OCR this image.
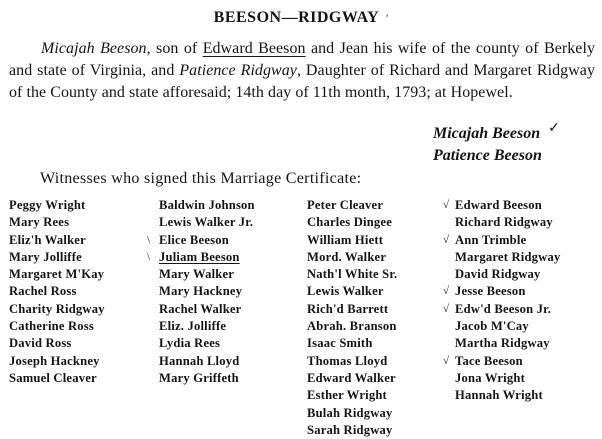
BEESON—RIDGWAY ′
Micajah Beeson, son of Edward Beeson and Jean his wife of the county of Berkely and state of Virginia, and Patience Ridgway, Daughter of Richard and Margaret Ridgway of the County and state afforesaid; 14th day of 11th month, 1793; at Hopewel.
Micajah Beeson ✓
Patience Beeson
Witnesses who signed this Marriage Certificate:
Peggy Wright
Mary Rees
Eliz'h Walker
Mary Jolliffe
Margaret M'Kay
Rachel Ross
Charity Ridgway
Catherine Ross
David Ross
Joseph Hackney
Samuel Cleaver
Baldwin Johnson
Lewis Walker Jr.
Elice Beeson
\
Juliam Beeson
\
Mary Walker
Mary Hackney
Rachel Walker
Eliz. Jolliffe
Lydia Rees
Hannah Lloyd
Mary Griffeth
Peter Cleaver
Charles Dingee
William Hiett
Mord. Walker
Nath'l White Sr.
Lewis Walker
Rich'd Barrett
Abrah. Branson
Isaac Smith
Thomas Lloyd
Edward Walker
Esther Wright
Bulah Ridgway
Sarah Ridgway
Edward Beeson
√
Richard Ridgway
Ann Trimble
√
Margaret Ridgway
David Ridgway
Jesse Beeson
√
Edw'd Beeson Jr.
√
Jacob M'Cay
Martha Ridgway
Tace Beeson
√
Jona Wright
Hannah Wright
